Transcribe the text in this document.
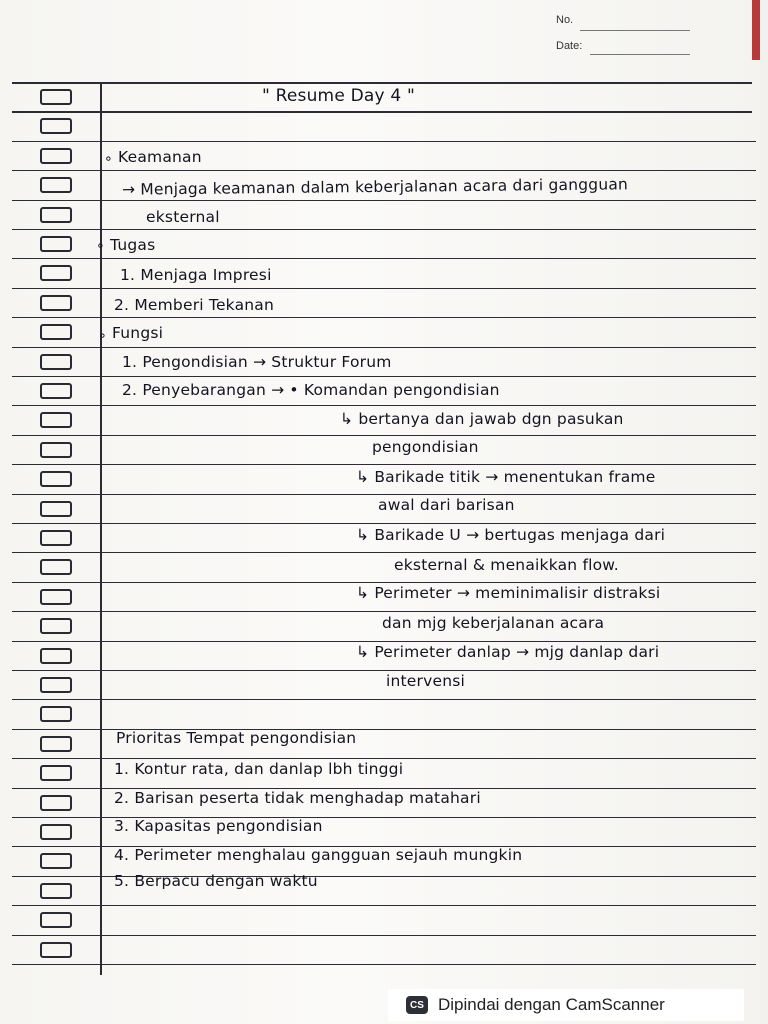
No.
Date:
" Resume Day 4 "
∘ Keamanan
→ Menjaga keamanan dalam keberjalanan acara dari gangguan
eksternal
∘ Tugas
1. Menjaga Impresi
2. Memberi Tekanan
∘ Fungsi
1. Pengondisian → Struktur Forum
2. Penyebarangan → • Komandan pengondisian
↳ bertanya dan jawab dgn pasukan
pengondisian
↳ Barikade titik → menentukan frame
awal dari barisan
↳ Barikade U → bertugas menjaga dari
eksternal & menaikkan flow.
↳ Perimeter → meminimalisir distraksi
dan mjg keberjalanan acara
↳ Perimeter danlap → mjg danlap dari
intervensi
Prioritas Tempat pengondisian
1. Kontur rata, dan danlap lbh tinggi
2. Barisan peserta tidak menghadap matahari
3. Kapasitas pengondisian
4. Perimeter menghalau gangguan sejauh mungkin
5. Berpacu dengan waktu
CS Dipindai dengan CamScanner
